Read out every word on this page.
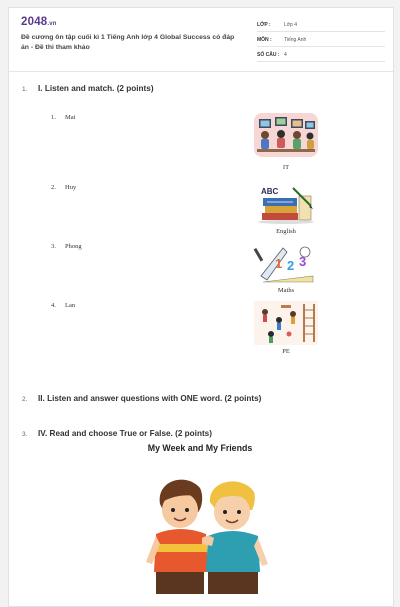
2048.vn
Đề cương ôn tập cuối kì 1 Tiếng Anh lớp 4 Global Success có đáp án - Đề thi tham khảo
LỚP :	Lớp 4
MÔN : Tiếng Anh
SỐ CÂU : 4
1. I. Listen and match. (2 points)
1. Mai
2. Huy
3. Phong
4. Lan
IT
ABC
English
1 2 3
Maths
PE
2. II. Listen and answer questions with ONE word. (2 points)
3. IV. Read and choose True or False. (2 points)
My Week and My Friends
